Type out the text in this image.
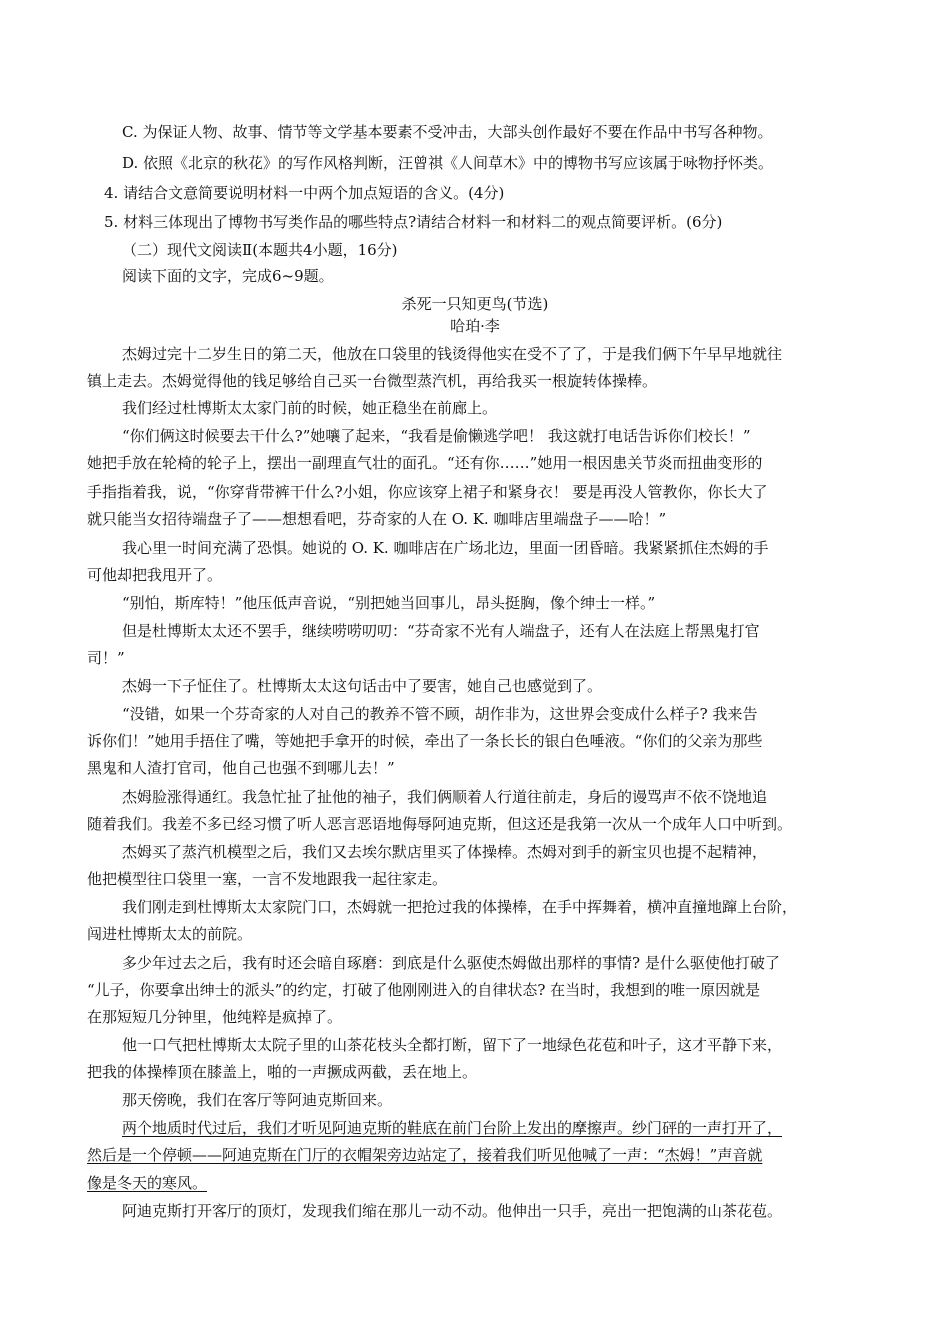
C. 为保证人物、故事、情节等文学基本要素不受冲击，大部头创作最好不要在作品中书写各种物。
D. 依照《北京的秋花》的写作风格判断，汪曾祺《人间草木》中的博物书写应该属于咏物抒怀类。
4. 请结合文意简要说明材料一中两个加点短语的含义。(4分)
5. 材料三体现出了博物书写类作品的哪些特点?请结合材料一和材料二的观点简要评析。(6分)
（二）现代文阅读Ⅱ(本题共4小题，16分)
阅读下面的文字，完成6~9题。
杀死一只知更鸟(节选)
哈珀·李
杰姆过完十二岁生日的第二天，他放在口袋里的钱烫得他实在受不了了，于是我们俩下午早早地就往
镇上走去。杰姆觉得他的钱足够给自己买一台微型蒸汽机，再给我买一根旋转体操棒。
我们经过杜博斯太太家门前的时候，她正稳坐在前廊上。
“你们俩这时候要去干什么?”她嚷了起来，“我看是偷懒逃学吧！ 我这就打电话告诉你们校长！”
她把手放在轮椅的轮子上，摆出一副理直气壮的面孔。“还有你……”她用一根因患关节炎而扭曲变形的
手指指着我，说，“你穿背带裤干什么?小姐，你应该穿上裙子和紧身衣！ 要是再没人管教你，你长大了
就只能当女招待端盘子了——想想看吧，芬奇家的人在 O. K. 咖啡店里端盘子——哈！”
我心里一时间充满了恐惧。她说的 O. K. 咖啡店在广场北边，里面一团昏暗。我紧紧抓住杰姆的手
可他却把我甩开了。
“别怕，斯库特！”他压低声音说，“别把她当回事儿，昂头挺胸，像个绅士一样。”
但是杜博斯太太还不罢手，继续唠唠叨叨：“芬奇家不光有人端盘子，还有人在法庭上帮黑鬼打官
司！”
杰姆一下子怔住了。杜博斯太太这句话击中了要害，她自己也感觉到了。
“没错，如果一个芬奇家的人对自己的教养不管不顾，胡作非为，这世界会变成什么样子? 我来告
诉你们！”她用手捂住了嘴，等她把手拿开的时候，牵出了一条长长的银白色唾液。“你们的父亲为那些
黑鬼和人渣打官司，他自己也强不到哪儿去！”
杰姆脸涨得通红。我急忙扯了扯他的袖子，我们俩顺着人行道往前走，身后的谩骂声不依不饶地追
随着我们。我差不多已经习惯了听人恶言恶语地侮辱阿迪克斯，但这还是我第一次从一个成年人口中听到。
杰姆买了蒸汽机模型之后，我们又去埃尔默店里买了体操棒。杰姆对到手的新宝贝也提不起精神，
他把模型往口袋里一塞，一言不发地跟我一起往家走。
我们刚走到杜博斯太太家院门口，杰姆就一把抢过我的体操棒，在手中挥舞着，横冲直撞地蹿上台阶，
闯进杜博斯太太的前院。
多少年过去之后，我有时还会暗自琢磨：到底是什么驱使杰姆做出那样的事情? 是什么驱使他打破了
“儿子，你要拿出绅士的派头”的约定，打破了他刚刚进入的自律状态? 在当时，我想到的唯一原因就是
在那短短几分钟里，他纯粹是疯掉了。
他一口气把杜博斯太太院子里的山茶花枝头全都打断，留下了一地绿色花苞和叶子，这才平静下来，
把我的体操棒顶在膝盖上，啪的一声撅成两截，丢在地上。
那天傍晚，我们在客厅等阿迪克斯回来。
两个地质时代过后，我们才听见阿迪克斯的鞋底在前门台阶上发出的摩擦声。纱门砰的一声打开了，
然后是一个停顿——阿迪克斯在门厅的衣帽架旁边站定了，接着我们听见他喊了一声：“杰姆！”声音就
像是冬天的寒风。
阿迪克斯打开客厅的顶灯，发现我们缩在那儿一动不动。他伸出一只手，亮出一把饱满的山茶花苞。
